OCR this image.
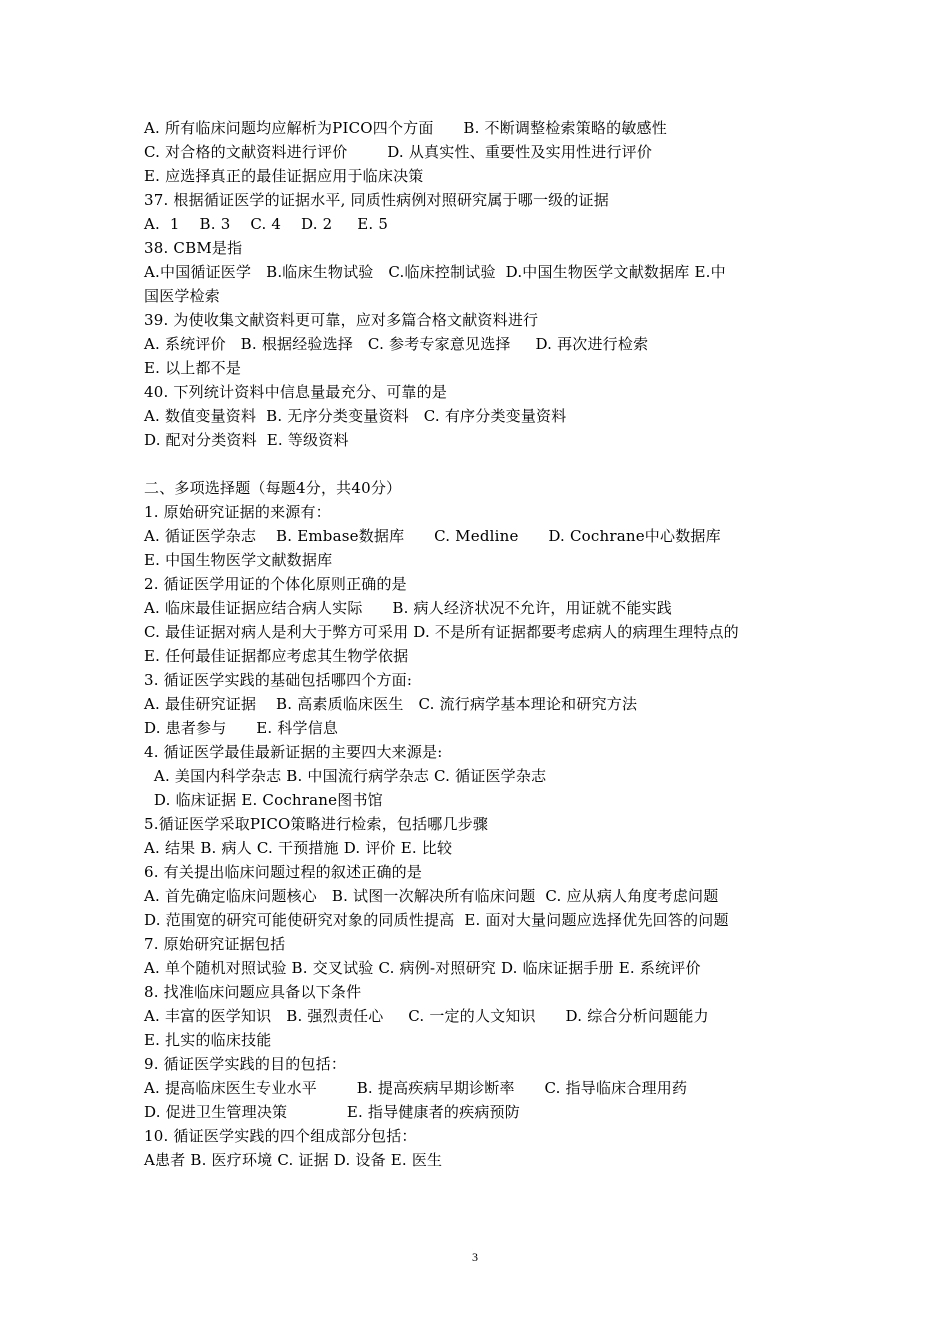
A. 所有临床问题均应解析为PICO四个方面      B. 不断调整检索策略的敏感性
C. 对合格的文献资料进行评价        D. 从真实性、重要性及实用性进行评价
E. 应选择真正的最佳证据应用于临床决策
37. 根据循证医学的证据水平, 同质性病例对照研究属于哪一级的证据
A.  1    B. 3    C. 4    D. 2     E. 5
38. CBM是指
A.中国循证医学   B.临床生物试验   C.临床控制试验  D.中国生物医学文献数据库 E.中
国医学检索
39. 为使收集文献资料更可靠，应对多篇合格文献资料进行
A. 系统评价   B. 根据经验选择   C. 参考专家意见选择     D. 再次进行检索
E. 以上都不是
40. 下列统计资料中信息量最充分、可靠的是
A. 数值变量资料  B. 无序分类变量资料   C. 有序分类变量资料
D. 配对分类资料  E. 等级资料
二、多项选择题（每题4分，共40分）
1. 原始研究证据的来源有：
A. 循证医学杂志    B. Embase数据库      C. Medline      D. Cochrane中心数据库
E. 中国生物医学文献数据库
2. 循证医学用证的个体化原则正确的是
A. 临床最佳证据应结合病人实际      B. 病人经济状况不允许，用证就不能实践
C. 最佳证据对病人是利大于弊方可采用 D. 不是所有证据都要考虑病人的病理生理特点的
E. 任何最佳证据都应考虑其生物学依据
3. 循证医学实践的基础包括哪四个方面:
A. 最佳研究证据    B. 高素质临床医生   C. 流行病学基本理论和研究方法
D. 患者参与      E. 科学信息
4. 循证医学最佳最新证据的主要四大来源是:
A. 美国内科学杂志 B. 中国流行病学杂志 C. 循证医学杂志
D. 临床证据 E. Cochrane图书馆
5.循证医学采取PICO策略进行检索，包括哪几步骤
A. 结果 B. 病人 C. 干预措施 D. 评价 E. 比较
6. 有关提出临床问题过程的叙述正确的是
A. 首先确定临床问题核心   B. 试图一次解决所有临床问题  C. 应从病人角度考虑问题
D. 范围宽的研究可能使研究对象的同质性提高  E. 面对大量问题应选择优先回答的问题
7. 原始研究证据包括
A. 单个随机对照试验 B. 交叉试验 C. 病例-对照研究 D. 临床证据手册 E. 系统评价
8. 找准临床问题应具备以下条件
A. 丰富的医学知识   B. 强烈责任心     C. 一定的人文知识      D. 综合分析问题能力
E. 扎实的临床技能
9. 循证医学实践的目的包括：
A. 提高临床医生专业水平        B. 提高疾病早期诊断率      C. 指导临床合理用药
D. 促进卫生管理决策            E. 指导健康者的疾病预防
10. 循证医学实践的四个组成部分包括：
A患者 B. 医疗环境 C. 证据 D. 设备 E. 医生
3
